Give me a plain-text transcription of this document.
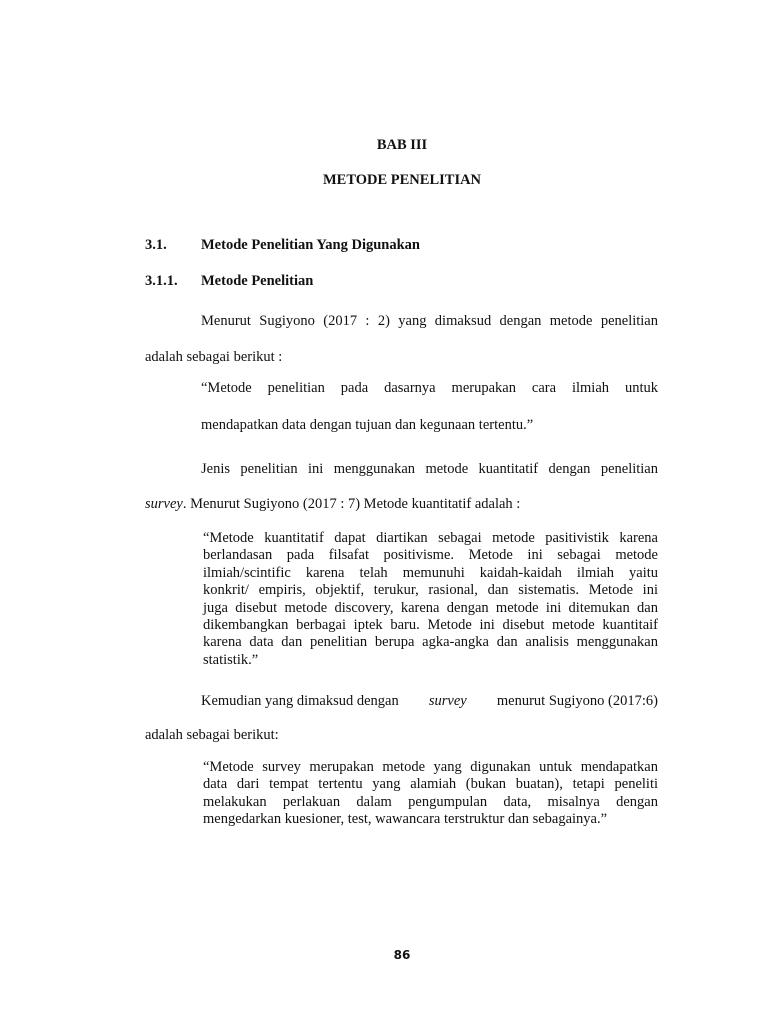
BAB III

METODE PENELITIAN

3.1. Metode Penelitian Yang Digunakan

3.1.1. Metode Penelitian

Menurut Sugiyono (2017 : 2) yang dimaksud dengan metode penelitian

adalah sebagai berikut :

“Metode penelitian pada dasarnya merupakan cara ilmiah untuk

mendapatkan data dengan tujuan dan kegunaan tertentu.”

Jenis penelitian ini menggunakan metode kuantitatif dengan penelitian

survey. Menurut Sugiyono (2017 : 7) Metode kuantitatif adalah :

“Metode kuantitatif dapat diartikan sebagai metode pasitivistik karena
berlandasan pada filsafat positivisme. Metode ini sebagai metode
ilmiah/scintific karena telah memunuhi kaidah-kaidah ilmiah yaitu
konkrit/ empiris, objektif, terukur, rasional, dan sistematis. Metode ini
juga disebut metode discovery, karena dengan metode ini ditemukan dan
dikembangkan berbagai iptek baru. Metode ini disebut metode kuantitaif
karena data dan penelitian berupa agka-angka dan analisis menggunakan
statistik.”

Kemudian yang dimaksud dengan survey menurut Sugiyono (2017:6)

adalah sebagai berikut:

“Metode survey merupakan metode yang digunakan untuk mendapatkan
data dari tempat tertentu yang alamiah (bukan buatan), tetapi peneliti
melakukan perlakuan dalam pengumpulan data, misalnya dengan
mengedarkan kuesioner, test, wawancara terstruktur dan sebagainya.”

86
